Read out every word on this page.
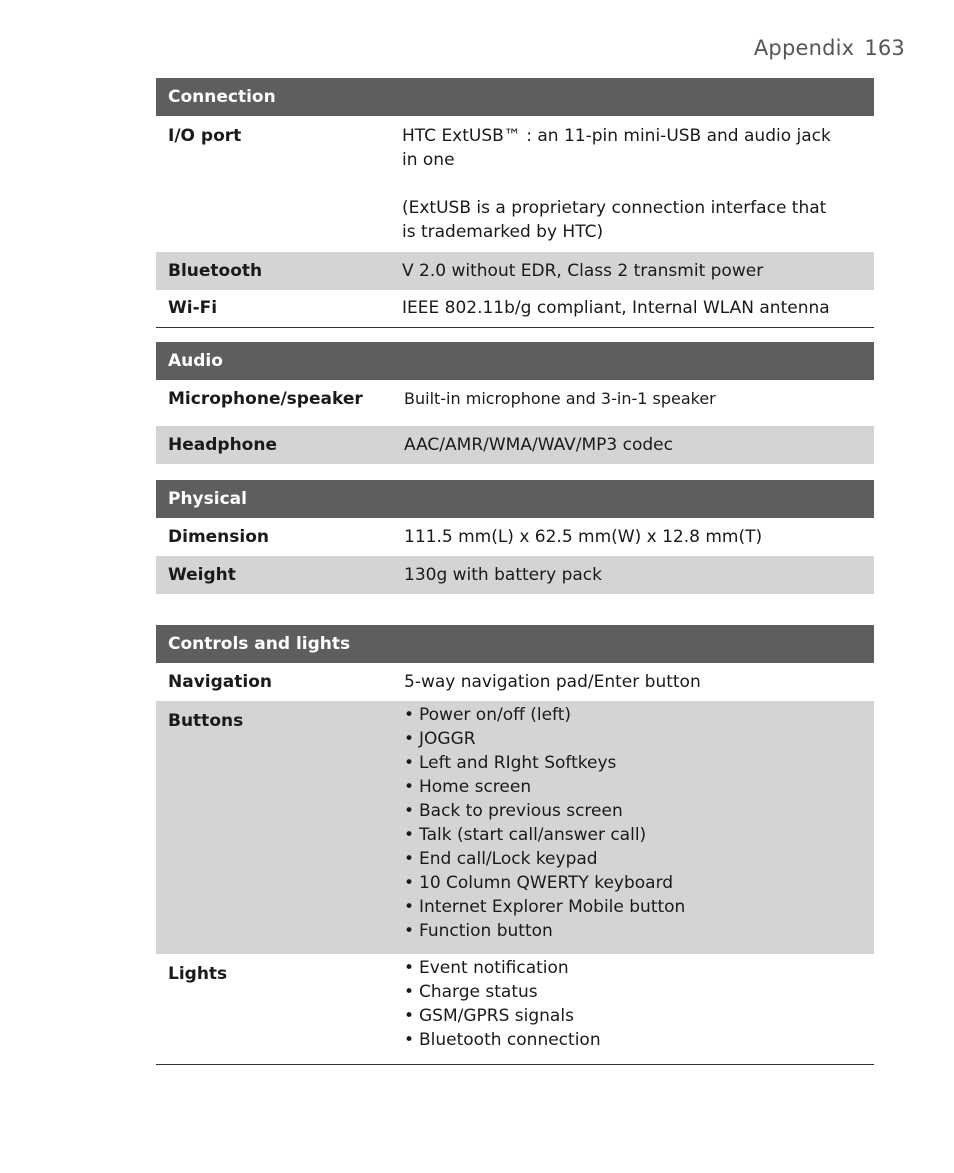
Appendix 163
Connection
I/O port	HTC ExtUSB™ : an 11-pin mini-USB and audio jack in one
(ExtUSB is a proprietary connection interface that is trademarked by HTC)
Bluetooth	V 2.0 without EDR, Class 2 transmit power
Wi-Fi	IEEE 802.11b/g compliant, Internal WLAN antenna
Audio
Microphone/speaker	Built-in microphone and 3-in-1 speaker
Headphone	AAC/AMR/WMA/WAV/MP3 codec
Physical
Dimension	111.5 mm(L) x 62.5 mm(W) x 12.8 mm(T)
Weight	130g with battery pack
Controls and lights
Navigation	5-way navigation pad/Enter button
Buttons	• Power on/off (left)
• JOGGR
• Left and RIght Softkeys
• Home screen
• Back to previous screen
• Talk (start call/answer call)
• End call/Lock keypad
• 10 Column QWERTY keyboard
• Internet Explorer Mobile button
• Function button
Lights	• Event notification
• Charge status
• GSM/GPRS signals
• Bluetooth connection
